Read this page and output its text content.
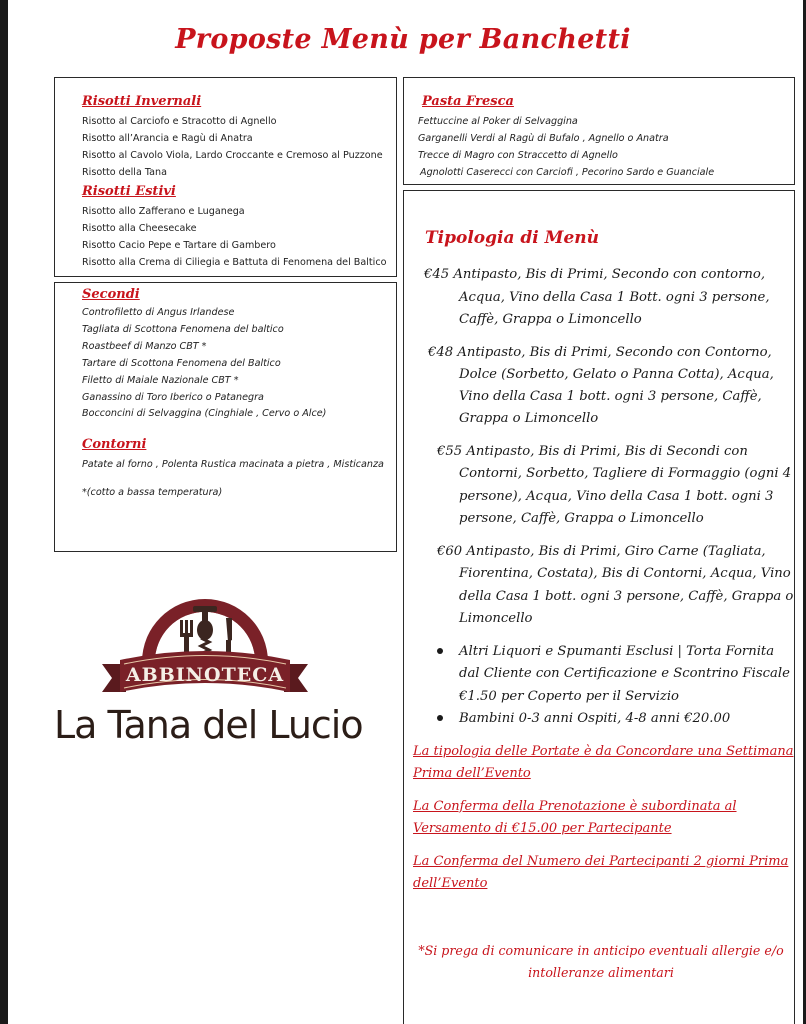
Proposte Menù per Banchetti
Risotti Invernali
Risotto al Carciofo e Stracotto di Agnello
Risotto all’Arancia e Ragù di Anatra
Risotto al Cavolo Viola, Lardo Croccante e Cremoso al Puzzone
Risotto della Tana
Risotti Estivi
Risotto allo Zafferano e Luganega
Risotto alla Cheesecake
Risotto Cacio Pepe e Tartare di Gambero
Risotto alla Crema di Ciliegia e Battuta di Fenomena del Baltico
Secondi
Controfiletto di Angus Irlandese
Tagliata di Scottona Fenomena del baltico
Roastbeef di Manzo CBT *
Tartare di Scottona Fenomena del Baltico
Filetto di Maiale Nazionale CBT *
Ganassino di Toro Iberico o Patanegra
Bocconcini di Selvaggina (Cinghiale , Cervo o Alce)
Contorni
Patate al forno , Polenta Rustica macinata a pietra , Misticanza
*(cotto a bassa temperatura)
Pasta Fresca
Fettuccine al Poker di Selvaggina
Garganelli Verdi al Ragù di Bufalo , Agnello o Anatra
Trecce di Magro con Straccetto di Agnello
Agnolotti Caserecci con Carciofi , Pecorino Sardo e Guanciale
Tipologia di Menù
€45 Antipasto, Bis di Primi, Secondo con contorno,
Acqua, Vino della Casa 1 Bott. ogni 3 persone,
Caffè, Grappa o Limoncello
€48 Antipasto, Bis di Primi, Secondo con Contorno,
Dolce (Sorbetto, Gelato o Panna Cotta), Acqua,
Vino della Casa 1 bott. ogni 3 persone, Caffè,
Grappa o Limoncello
€55 Antipasto, Bis di Primi, Bis di Secondi con
Contorni, Sorbetto, Tagliere di Formaggio (ogni 4
persone), Acqua, Vino della Casa 1 bott. ogni 3
persone, Caffè, Grappa o Limoncello
€60 Antipasto, Bis di Primi, Giro Carne (Tagliata,
Fiorentina, Costata), Bis di Contorni, Acqua, Vino
della Casa 1 bott. ogni 3 persone, Caffè, Grappa o
Limoncello
Altri Liquori e Spumanti Esclusi | Torta Fornita
dal Cliente con Certificazione e Scontrino Fiscale
€1.50 per Coperto per il Servizio
Bambini 0-3 anni Ospiti, 4-8 anni €20.00
La tipologia delle Portate è da Concordare una Settimana
Prima dell’Evento
La Conferma della Prenotazione è subordinata al
Versamento di €15.00 per Partecipante
La Conferma del Numero dei Partecipanti 2 giorni Prima
dell’Evento
*Si prega di comunicare in anticipo eventuali allergie e/o
intolleranze alimentari
ABBINOTECA
La Tana del Lucio
